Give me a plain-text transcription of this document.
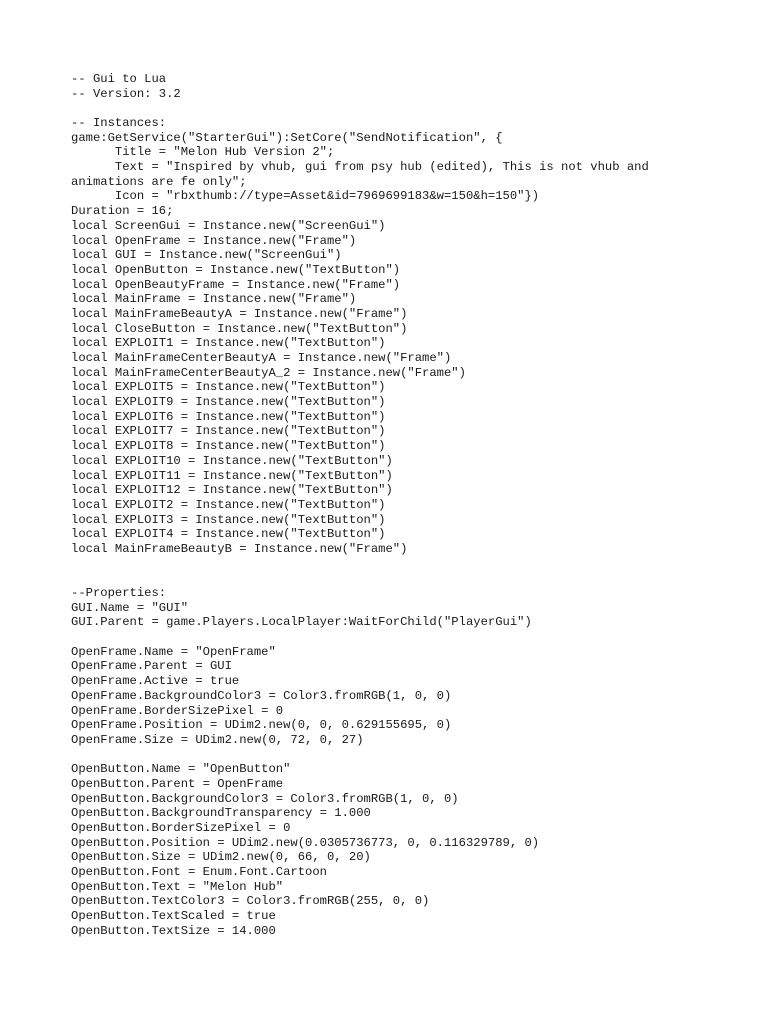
-- Gui to Lua
-- Version: 3.2
-- Instances:
game:GetService("StarterGui"):SetCore("SendNotification", {
Title = "Melon Hub Version 2";
Text = "Inspired by vhub, gui from psy hub (edited), This is not vhub and
animations are fe only";
Icon = "rbxthumb://type=Asset&id=7969699183&w=150&h=150"})
Duration = 16;
local ScreenGui = Instance.new("ScreenGui")
local OpenFrame = Instance.new("Frame")
local GUI = Instance.new("ScreenGui")
local OpenButton = Instance.new("TextButton")
local OpenBeautyFrame = Instance.new("Frame")
local MainFrame = Instance.new("Frame")
local MainFrameBeautyA = Instance.new("Frame")
local CloseButton = Instance.new("TextButton")
local EXPLOIT1 = Instance.new("TextButton")
local MainFrameCenterBeautyA = Instance.new("Frame")
local MainFrameCenterBeautyA_2 = Instance.new("Frame")
local EXPLOIT5 = Instance.new("TextButton")
local EXPLOIT9 = Instance.new("TextButton")
local EXPLOIT6 = Instance.new("TextButton")
local EXPLOIT7 = Instance.new("TextButton")
local EXPLOIT8 = Instance.new("TextButton")
local EXPLOIT10 = Instance.new("TextButton")
local EXPLOIT11 = Instance.new("TextButton")
local EXPLOIT12 = Instance.new("TextButton")
local EXPLOIT2 = Instance.new("TextButton")
local EXPLOIT3 = Instance.new("TextButton")
local EXPLOIT4 = Instance.new("TextButton")
local MainFrameBeautyB = Instance.new("Frame")
--Properties:
GUI.Name = "GUI"
GUI.Parent = game.Players.LocalPlayer:WaitForChild("PlayerGui")
OpenFrame.Name = "OpenFrame"
OpenFrame.Parent = GUI
OpenFrame.Active = true
OpenFrame.BackgroundColor3 = Color3.fromRGB(1, 0, 0)
OpenFrame.BorderSizePixel = 0
OpenFrame.Position = UDim2.new(0, 0, 0.629155695, 0)
OpenFrame.Size = UDim2.new(0, 72, 0, 27)
OpenButton.Name = "OpenButton"
OpenButton.Parent = OpenFrame
OpenButton.BackgroundColor3 = Color3.fromRGB(1, 0, 0)
OpenButton.BackgroundTransparency = 1.000
OpenButton.BorderSizePixel = 0
OpenButton.Position = UDim2.new(0.0305736773, 0, 0.116329789, 0)
OpenButton.Size = UDim2.new(0, 66, 0, 20)
OpenButton.Font = Enum.Font.Cartoon
OpenButton.Text = "Melon Hub"
OpenButton.TextColor3 = Color3.fromRGB(255, 0, 0)
OpenButton.TextScaled = true
OpenButton.TextSize = 14.000
